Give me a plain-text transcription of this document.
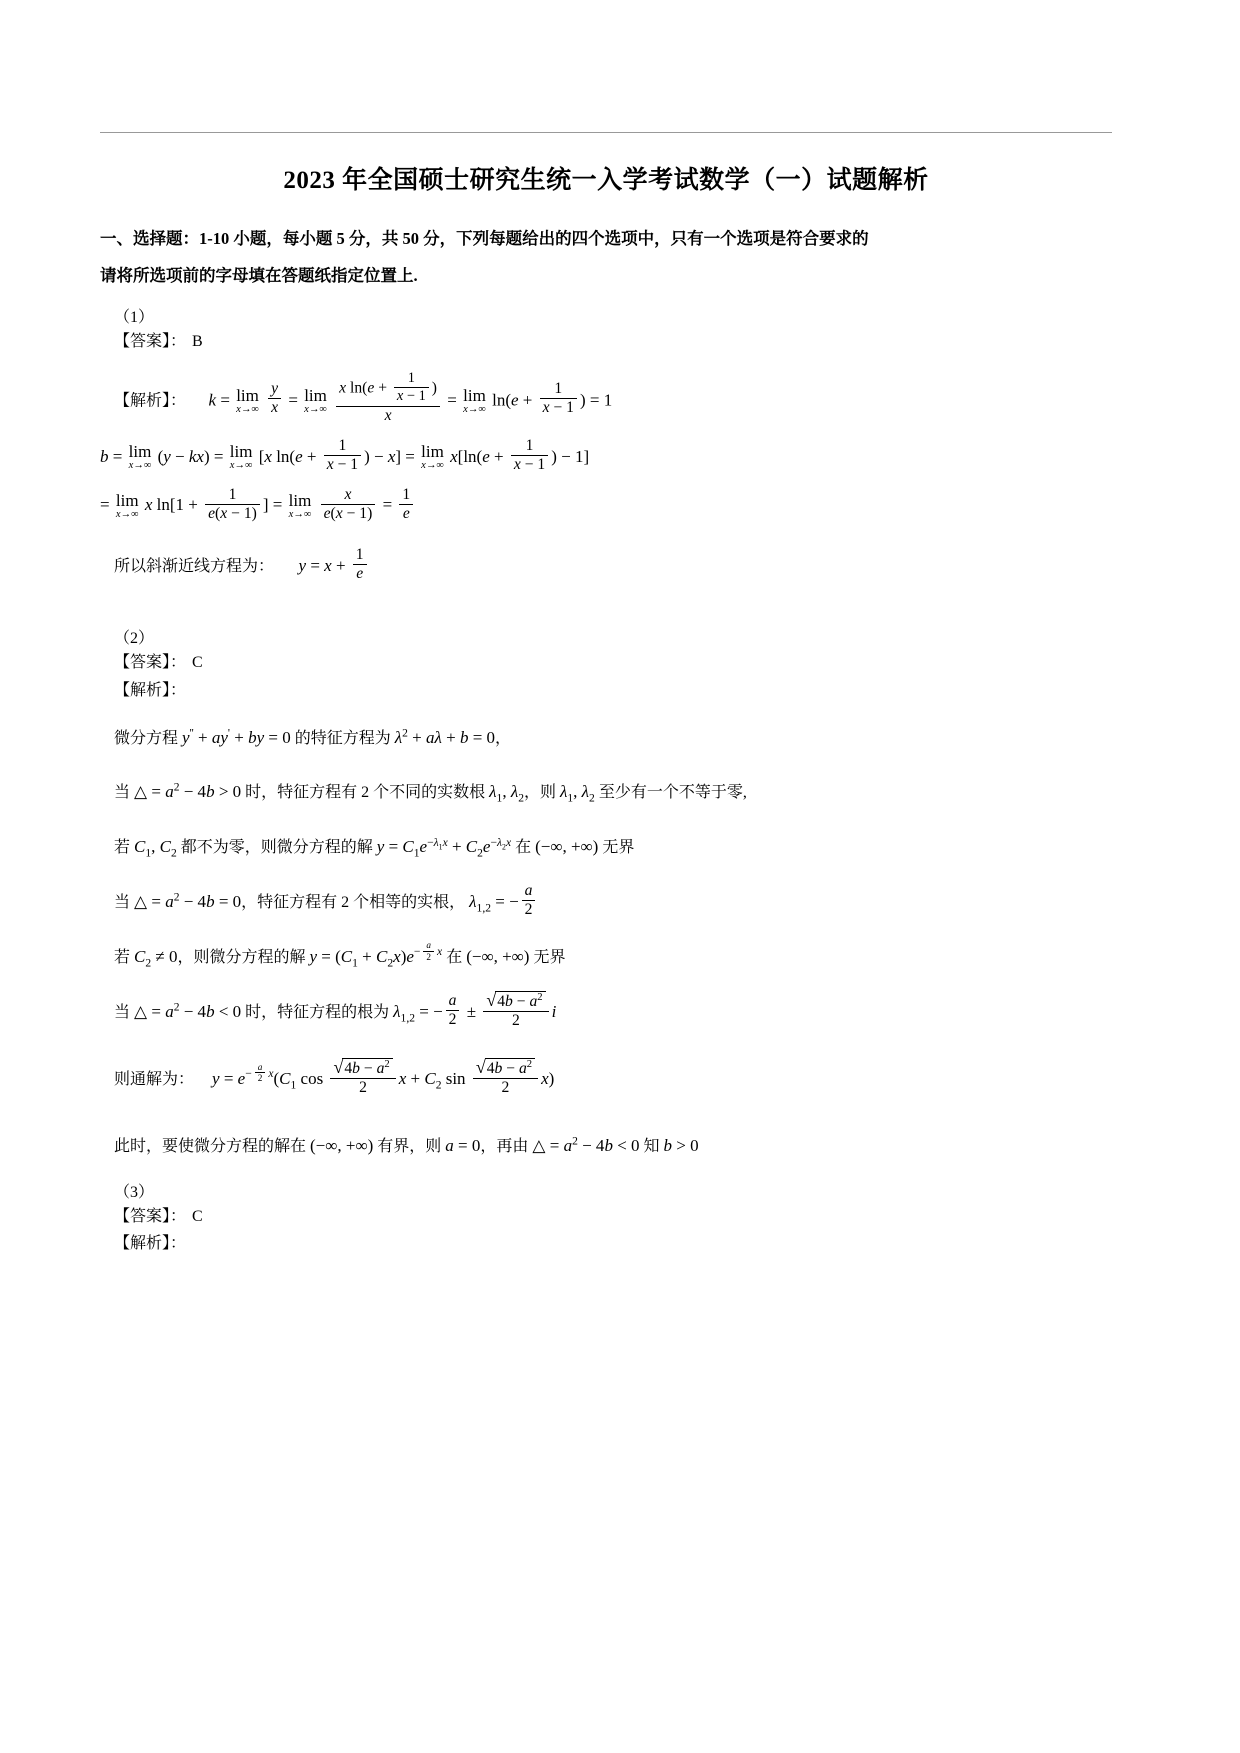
2023 年全国硕士研究生统一入学考试数学（一）试题解析
一、选择题：1-10 小题，每小题 5 分，共 50 分，下列每题给出的四个选项中，只有一个选项是符合要求的
请将所选项前的字母填在答题纸指定位置上.
（1）
【答案】： B
【解析】： k = lim
x→∞
$\frac{y}{x} = \lim$
x→∞
$\frac{x \ln(e + \frac{1}{x - 1} )}{x} = \lim$
x→∞
$\ln(e + \frac{1}{x - 1}$ ) = 1
b = lim
x→∞
(y − kx) = lim
x→∞
[x $\ln(e + \frac{1}{x - 1}$ ) − x] = lim
x→∞
$x[\ln(e + \frac{1}{x - 1}$ ) − 1]
= lim
x→∞
x $\ln[1 + \frac{1}{e(x - 1)}$ ] = lim
x→∞
$\frac{x}{e(x - 1)} = \frac{1}{e}$
所以斜渐近线方程为： $y = x + \frac{1}{e}$
（2）
【答案】： C
【解析】：
微分方程 y'' + ay' + by = 0 的特征方程为 $\lambda^2 + a\lambda + b = 0$，
当 △ = $a^2 - 4b > 0$ 时，特征方程有 2 个不同的实数根 $\lambda_1$, $\lambda_2$，则 $\lambda_1$, $\lambda_2$ 至少有一个不等于零,
若 $C_1$, $C_2$ 都不为零，则微分方程的解 $y = C_1e^{-\lambda_1x} + C_2e^{-\lambda_2x}$ 在 (−∞, +∞) 无界
当 △ = $a^2 - 4b = 0$，特征方程有 2 个相等的实根， $\lambda_{1,2}$ = − $\frac{a}{2}$
若 $C_2 \ne 0$，则微分方程的解 $y = (C_1 + C_2x)e^{- \frac{a}{2} x}$ 在 (−∞, +∞) 无界
当 △ = $a^2 - 4b < 0$ 时，特征方程的根为 $\lambda_{1,2}$ = − $\frac{a}{2} \pm \frac{√4b - a^2}{2}$ i
则通解为： $y = e^{- \frac{a}{2} x}(C_1$ $\cos \frac{√4b - a^2}{2}$ $x + C_2$ $\sin \frac{√4b - a^2}{2} x$)
此时，要使微分方程的解在 (−∞, +∞) 有界，则 a = 0，再由 △ = $a^2 - 4b < 0$ 知 b > 0
（3）
【答案】： C
【解析】：
